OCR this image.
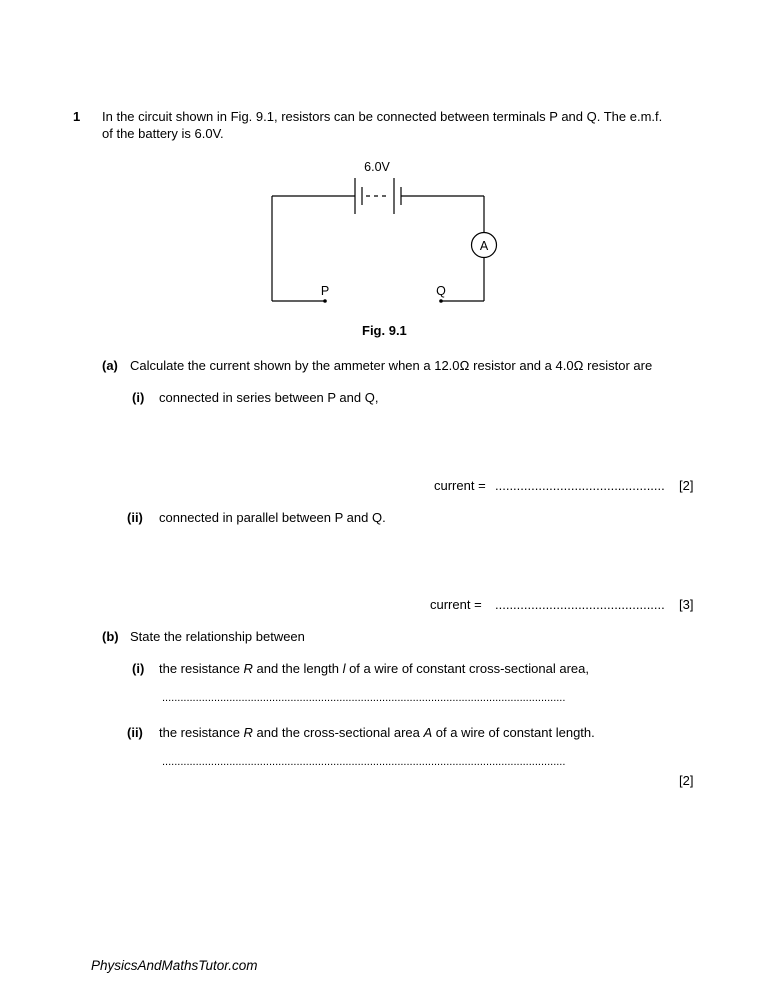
1 In the circuit shown in Fig. 9.1, resistors can be connected between terminals P and Q. The e.m.f.
of the battery is 6.0V.
6.0V
A
P	Q
Fig. 9.1
(a) Calculate the current shown by the ammeter when a 12.0Ω resistor and a 4.0Ω resistor are
(i) connected in series between P and Q,
current = ............................................... [2]
(ii) connected in parallel between P and Q.
current = ............................................... [3]
(b) State the relationship between
(i) the resistance R and the length l of a wire of constant cross-sectional area,
....................................................................................................................................
(ii) the resistance R and the cross-sectional area A of a wire of constant length.
....................................................................................................................................
[2]
PhysicsAndMathsTutor.com
